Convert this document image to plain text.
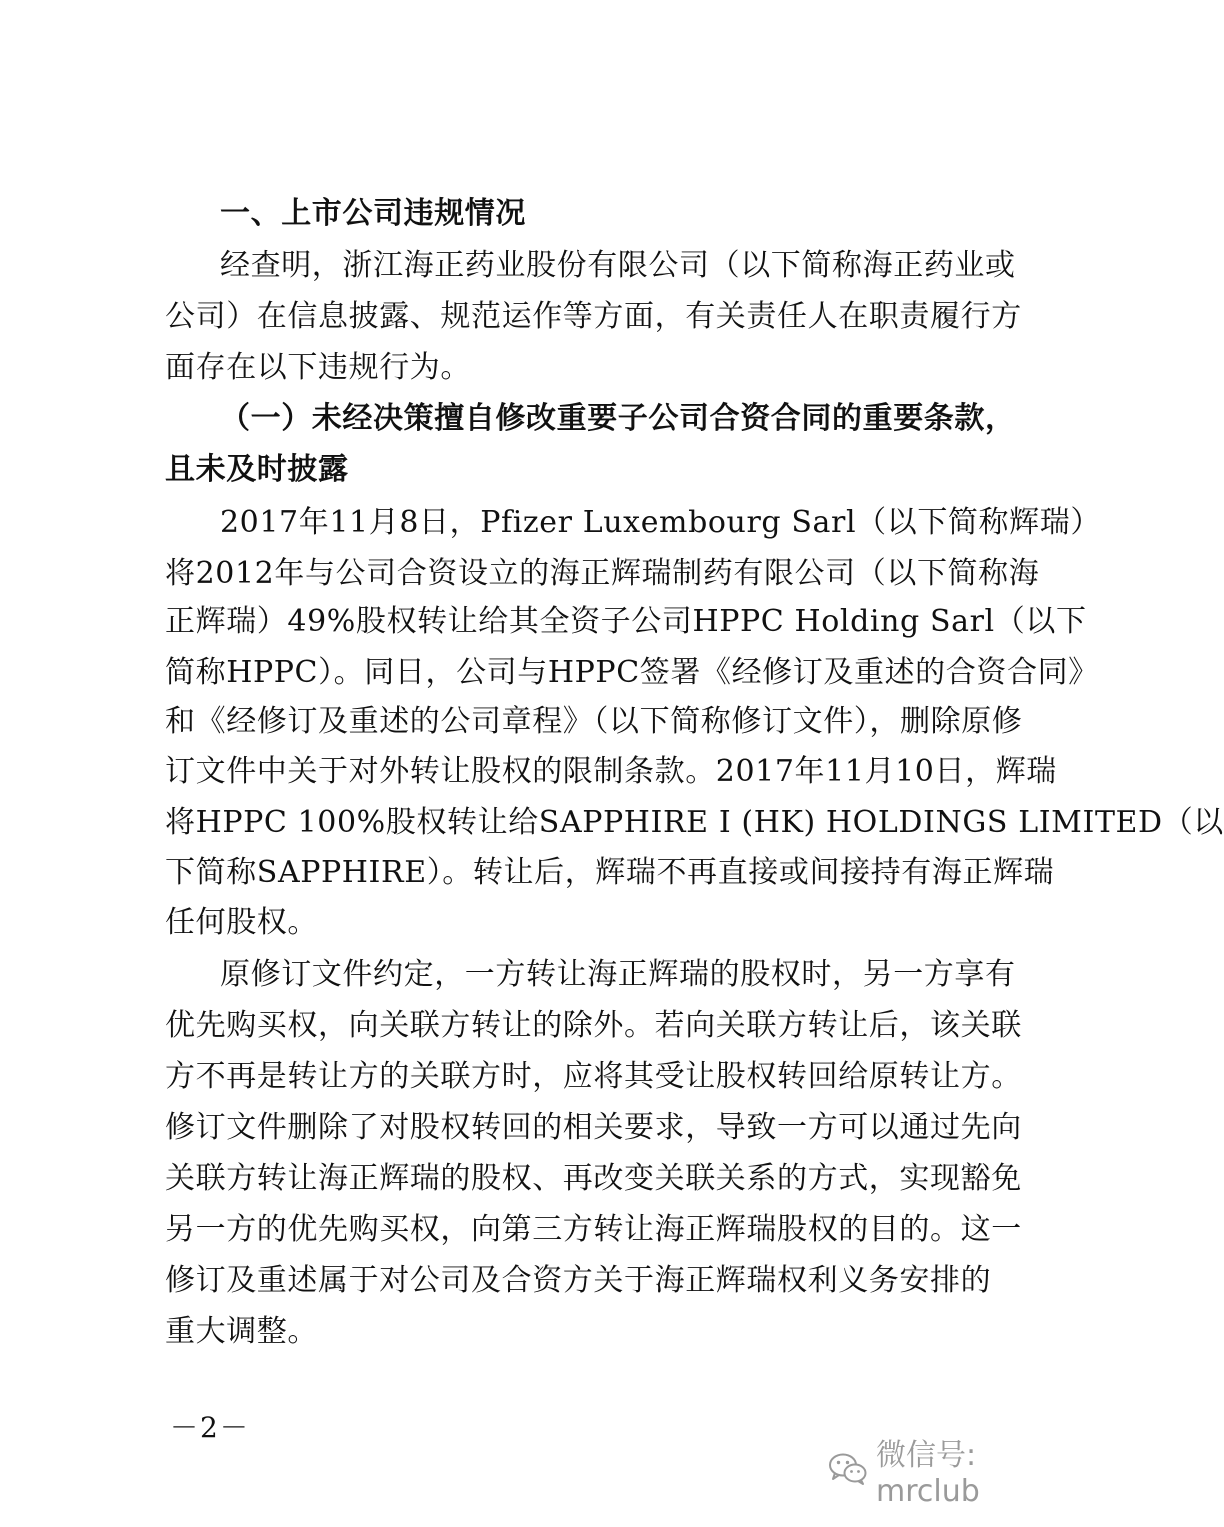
一、上市公司违规情况
经查明，浙江海正药业股份有限公司（以下简称海正药业或
公司）在信息披露、规范运作等方面，有关责任人在职责履行方
面存在以下违规行为。
（一）未经决策擅自修改重要子公司合资合同的重要条款，
且未及时披露
2017年11月8日，Pfizer Luxembourg Sarl（以下简称辉瑞）
将2012年与公司合资设立的海正辉瑞制药有限公司（以下简称海
正辉瑞）49%股权转让给其全资子公司HPPC Holding Sarl（以下
简称HPPC）。同日，公司与HPPC签署《经修订及重述的合资合同》
和《经修订及重述的公司章程》（以下简称修订文件），删除原修
订文件中关于对外转让股权的限制条款。2017年11月10日，辉瑞
将HPPC 100%股权转让给SAPPHIRE I (HK) HOLDINGS LIMITED（以
下简称SAPPHIRE）。转让后，辉瑞不再直接或间接持有海正辉瑞
任何股权。
原修订文件约定，一方转让海正辉瑞的股权时，另一方享有
优先购买权，向关联方转让的除外。若向关联方转让后，该关联
方不再是转让方的关联方时，应将其受让股权转回给原转让方。
修订文件删除了对股权转回的相关要求，导致一方可以通过先向
关联方转让海正辉瑞的股权、再改变关联关系的方式，实现豁免
另一方的优先购买权，向第三方转让海正辉瑞股权的目的。这一
修订及重述属于对公司及合资方关于海正辉瑞权利义务安排的
重大调整。
－2－
微信号: mrclub
